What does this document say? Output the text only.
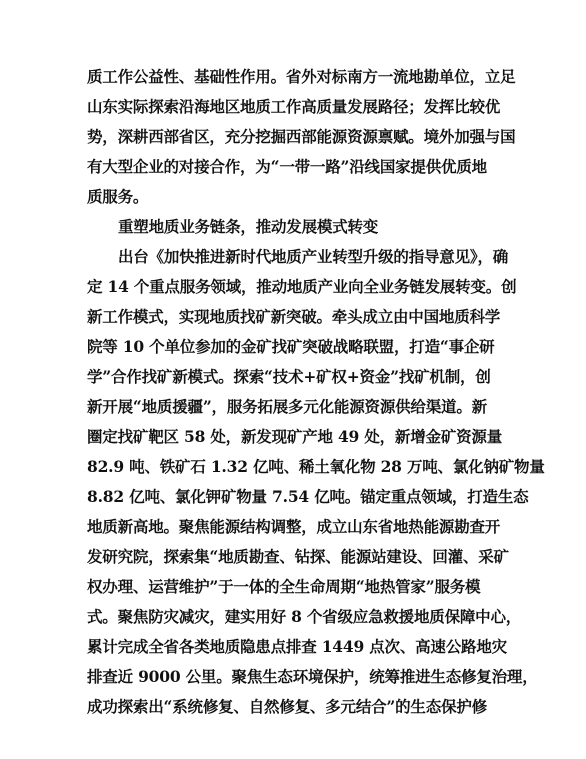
质工作公益性、基础性作用。省外对标南方一流地勘单位，立足
山东实际探索沿海地区地质工作高质量发展路径；发挥比较优
势，深耕西部省区，充分挖掘西部能源资源禀赋。境外加强与国
有大型企业的对接合作，为“一带一路”沿线国家提供优质地
质服务。
重塑地质业务链条，推动发展模式转变
出台《加快推进新时代地质产业转型升级的指导意见》，确
定 14 个重点服务领域，推动地质产业向全业务链发展转变。创
新工作模式，实现地质找矿新突破。牵头成立由中国地质科学
院等 10 个单位参加的金矿找矿突破战略联盟，打造“事企研
学”合作找矿新模式。探索“技术+矿权+资金”找矿机制，创
新开展“地质援疆”，服务拓展多元化能源资源供给渠道。新
圈定找矿靶区 58 处，新发现矿产地 49 处，新增金矿资源量
82.9 吨、铁矿石 1.32 亿吨、稀土氧化物 28 万吨、氯化钠矿物量
8.82 亿吨、氯化钾矿物量 7.54 亿吨。锚定重点领域，打造生态
地质新高地。聚焦能源结构调整，成立山东省地热能源勘查开
发研究院，探索集“地质勘查、钻探、能源站建设、回灌、采矿
权办理、运营维护”于一体的全生命周期“地热管家”服务模
式。聚焦防灾减灾，建实用好 8 个省级应急救援地质保障中心，
累计完成全省各类地质隐患点排查 1449 点次、高速公路地灾
排查近 9000 公里。聚焦生态环境保护，统筹推进生态修复治理，
成功探索出“系统修复、自然修复、多元结合”的生态保护修
